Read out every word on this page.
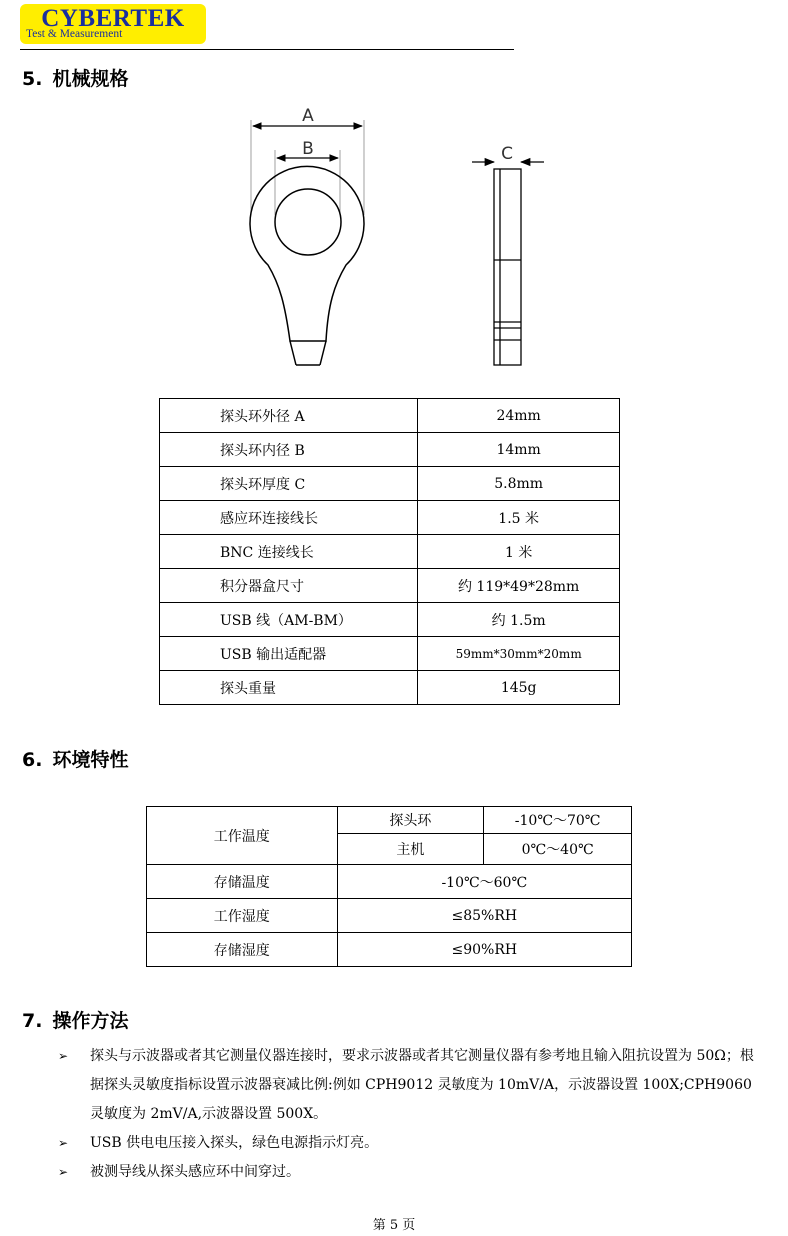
CYBERTEK
Test & Measurement
5. 机械规格
A
B	C
探头环外径 A	24mm
探头环内径 B	14mm
探头环厚度 C	5.8mm
感应环连接线长	1.5 米
BNC 连接线长	1 米
积分器盒尺寸	约 119*49*28mm
USB 线（AM-BM）	约 1.5m
USB 输出适配器	59mm*30mm*20mm
探头重量	145g
6. 环境特性
工作温度	探头环	-10℃～70℃
	主机	0℃～40℃
存储温度	-10℃～60℃	
工作湿度	≤85%RH	
存储湿度	≤90%RH	
7. 操作方法
➢ 探头与示波器或者其它测量仪器连接时，要求示波器或者其它测量仪器有参考地且输入阻抗设置为 50Ω；根据探头灵敏度指标设置示波器衰减比例:例如 CPH9012 灵敏度为 10mV/A，示波器设置 100X;CPH9060 灵敏度为 2mV/A,示波器设置 500X。
➢ USB 供电电压接入探头，绿色电源指示灯亮。
➢ 被测导线从探头感应环中间穿过。
第 5 页
